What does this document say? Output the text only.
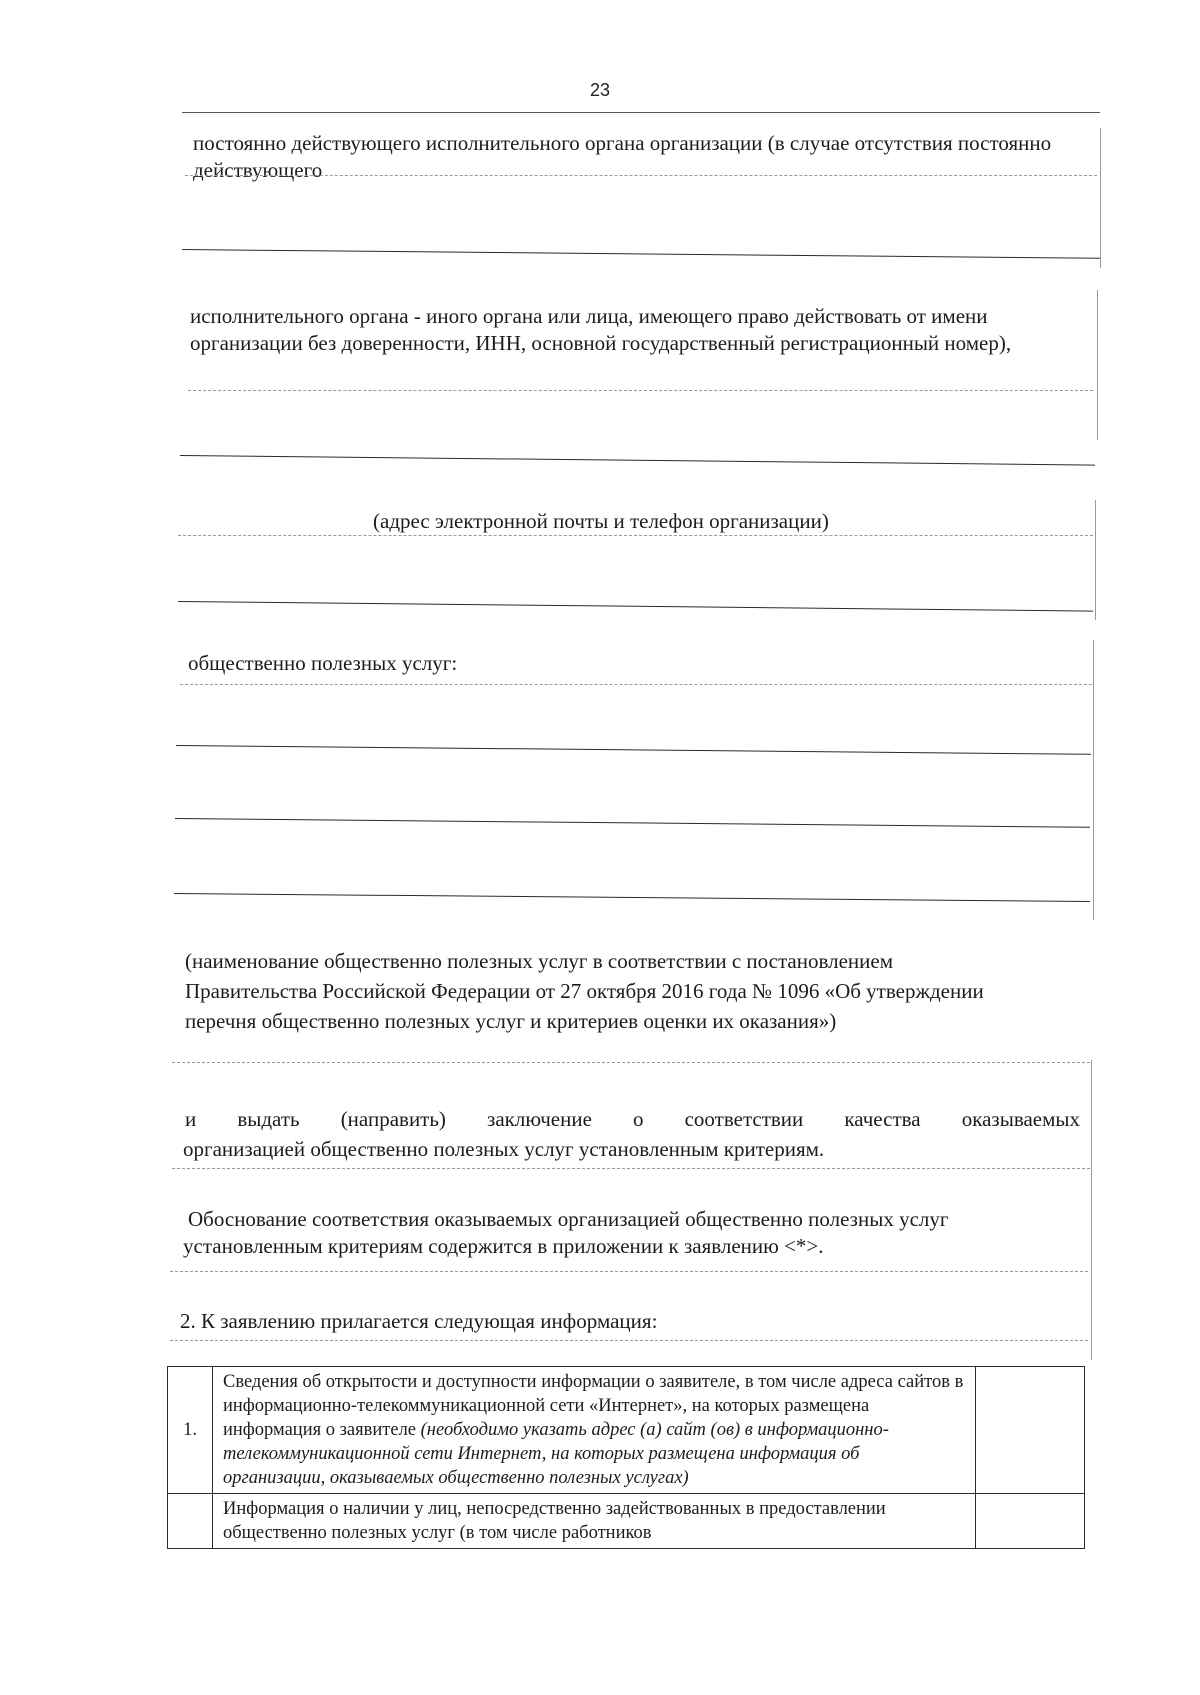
23

постоянно действующего исполнительного органа организации (в случае отсутствия постоянно действующего

исполнительного органа - иного органа или лица, имеющего право действовать от имени организации без доверенности, ИНН, основной государственный регистрационный номер),

(адрес электронной почты и телефон организации)

общественно полезных услуг:

(наименование общественно полезных услуг в соответствии с постановлением Правительства Российской Федерации от 27 октября 2016 года № 1096 «Об утверждении перечня общественно полезных услуг и критериев оценки их оказания»)

и выдать (направить) заключение о соответствии качества оказываемых

организацией общественно полезных услуг установленным критериям.

Обоснование соответствия оказываемых организацией общественно полезных услуг установленным критериям содержится в приложении к заявлению <*>.

2. К заявлению прилагается следующая информация:

1.	Сведения об открытости и доступности информации о заявителе, в том числе адреса сайтов в информационно-телекоммуникационной сети «Интернет», на которых размещена информация о заявителе (необходимо указать адрес (а) сайт (ов) в информационно-телекоммуникационной сети Интернет, на которых размещена информация об организации, оказываемых общественно полезных услугах)	
	Информация о наличии у лиц, непосредственно задействованных в предоставлении общественно полезных услуг (в том числе работников	
